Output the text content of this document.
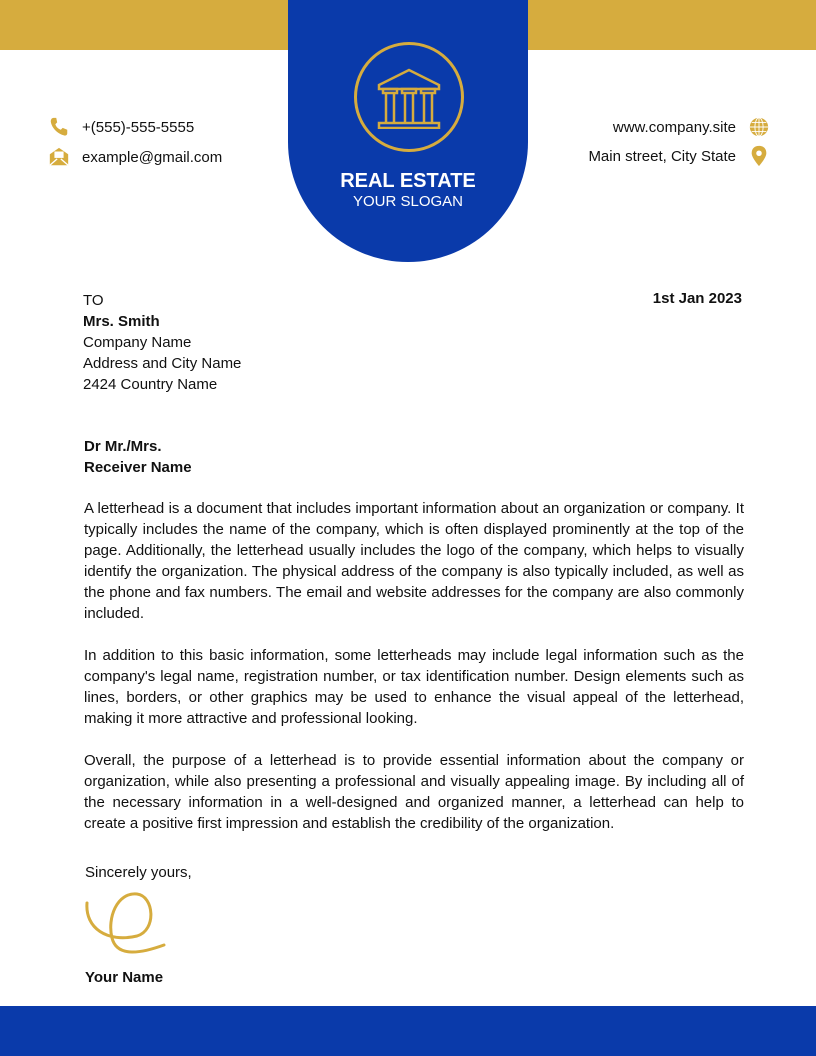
REAL ESTATE
YOUR SLOGAN
+(555)-555-5555
example@gmail.com
www.company.site
Main street, City State
TO
Mrs. Smith
Company Name
Address and City Name
2424 Country Name
1st Jan 2023
Dr Mr./Mrs.
Receiver Name

A letterhead is a document that includes important information about an organization or company. It typically includes the name of the company, which is often displayed prominently at the top of the page. Additionally, the letterhead usually includes the logo of the company, which helps to visually identify the organization. The physical address of the company is also typically included, as well as the phone and fax numbers. The email and website addresses for the company are also commonly included.

In addition to this basic information, some letterheads may include legal information such as the company's legal name, registration number, or tax identification number. Design elements such as lines, borders, or other graphics may be used to enhance the visual appeal of the letterhead, making it more attractive and professional looking.

Overall, the purpose of a letterhead is to provide essential information about the company or organization, while also presenting a professional and visually appealing image. By including all of the necessary information in a well-designed and organized manner, a letterhead can help to create a positive first impression and establish the credibility of the organization.

Sincerely yours,
Your Name
